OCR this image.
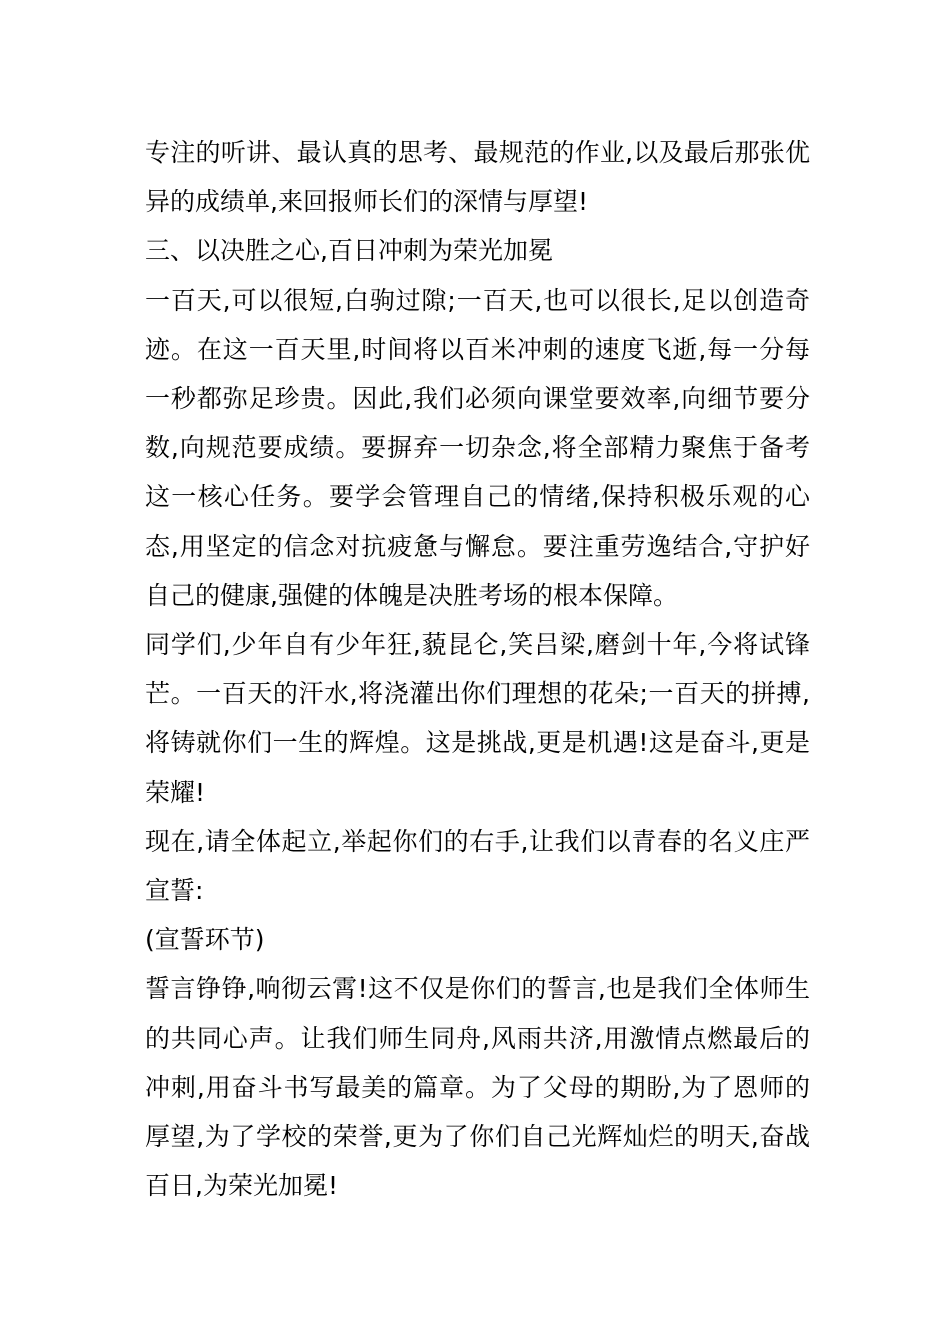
专注的听讲、最认真的思考、最规范的作业,以及最后那张优异的成绩单,来回报师长们的深情与厚望!

三、以决胜之心,百日冲刺为荣光加冕

一百天,可以很短,白驹过隙;一百天,也可以很长,足以创造奇迹。在这一百天里,时间将以百米冲刺的速度飞逝,每一分每一秒都弥足珍贵。因此,我们必须向课堂要效率,向细节要分数,向规范要成绩。要摒弃一切杂念,将全部精力聚焦于备考这一核心任务。要学会管理自己的情绪,保持积极乐观的心态,用坚定的信念对抗疲惫与懈怠。要注重劳逸结合,守护好自己的健康,强健的体魄是决胜考场的根本保障。

同学们,少年自有少年狂,藐昆仑,笑吕梁,磨剑十年,今将试锋芒。一百天的汗水,将浇灌出你们理想的花朵;一百天的拼搏,将铸就你们一生的辉煌。这是挑战,更是机遇!这是奋斗,更是荣耀!

现在,请全体起立,举起你们的右手,让我们以青春的名义庄严宣誓:

(宣誓环节)

誓言铮铮,响彻云霄!这不仅是你们的誓言,也是我们全体师生的共同心声。让我们师生同舟,风雨共济,用激情点燃最后的冲刺,用奋斗书写最美的篇章。为了父母的期盼,为了恩师的厚望,为了学校的荣誉,更为了你们自己光辉灿烂的明天,奋战百日,为荣光加冕!
